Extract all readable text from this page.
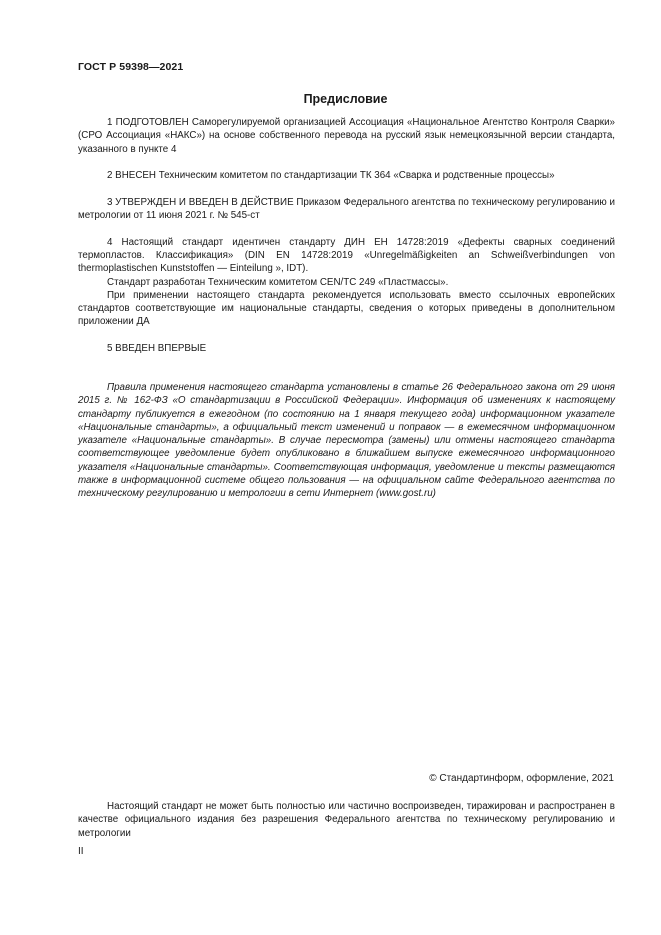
ГОСТ Р 59398—2021
Предисловие

1 ПОДГОТОВЛЕН Саморегулируемой организацией Ассоциация «Национальное Агентство Контроля Сварки» (СРО Ассоциация «НАКС») на основе собственного перевода на русский язык немецкоязычной версии стандарта, указанного в пункте 4

2 ВНЕСЕН Техническим комитетом по стандартизации ТК 364 «Сварка и родственные процессы»

3 УТВЕРЖДЕН И ВВЕДЕН В ДЕЙСТВИЕ Приказом Федерального агентства по техническому регулированию и метрологии от 11 июня 2021 г. № 545-ст

4 Настоящий стандарт идентичен стандарту ДИН ЕН 14728:2019 «Дефекты сварных соединений термопластов. Классификация» (DIN EN 14728:2019 «Unregelmäßigkeiten an Schweißverbindungen von thermoplastischen Kunststoffen — Einteilung », IDT).

Стандарт разработан Техническим комитетом CEN/TC 249 «Пластмассы».

При применении настоящего стандарта рекомендуется использовать вместо ссылочных европейских стандартов соответствующие им национальные стандарты, сведения о которых приведены в дополнительном приложении ДА

5 ВВЕДЕН ВПЕРВЫЕ

Правила применения настоящего стандарта установлены в статье 26 Федерального закона от 29 июня 2015 г. № 162-ФЗ «О стандартизации в Российской Федерации». Информация об изменениях к настоящему стандарту публикуется в ежегодном (по состоянию на 1 января текущего года) информационном указателе «Национальные стандарты», а официальный текст изменений и поправок — в ежемесячном информационном указателе «Национальные стандарты». В случае пересмотра (замены) или отмены настоящего стандарта соответствующее уведомление будет опубликовано в ближайшем выпуске ежемесячного информационного указателя «Национальные стандарты». Соответствующая информация, уведомление и тексты размещаются также в информационной системе общего пользования — на официальном сайте Федерального агентства по техническому регулированию и метрологии в сети Интернет (www.gost.ru)

© Стандартинформ, оформление, 2021

Настоящий стандарт не может быть полностью или частично воспроизведен, тиражирован и распространен в качестве официального издания без разрешения Федерального агентства по техническому регулированию и метрологии

II
